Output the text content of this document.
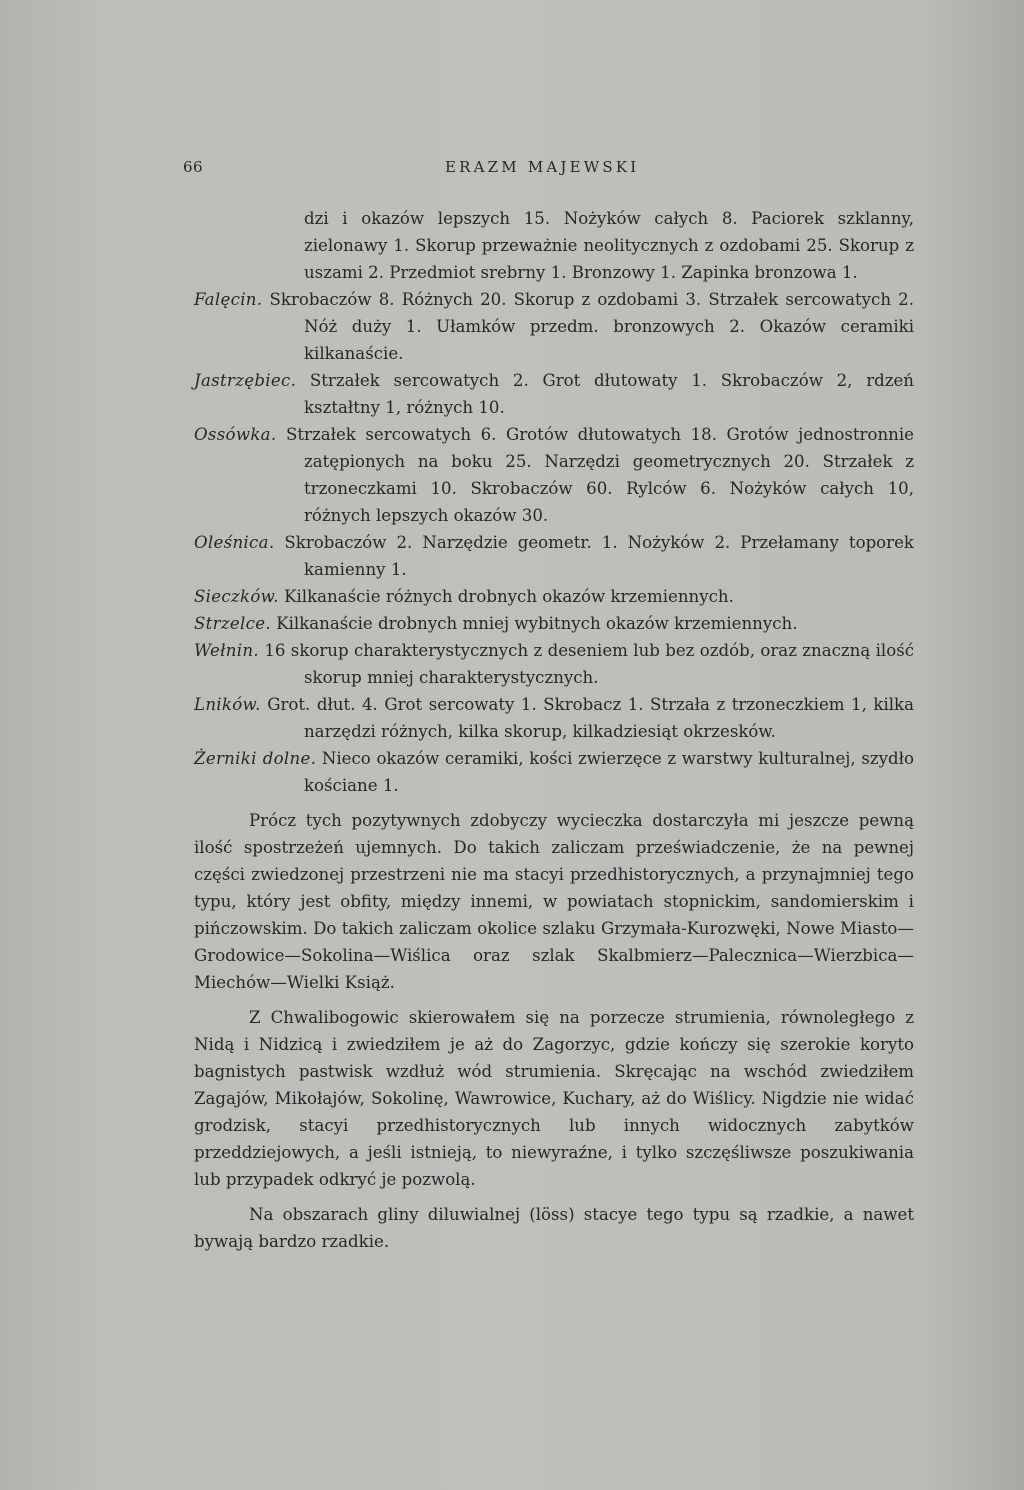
66	ERAZM MAJEWSKI

dzi i okazów lepszych 15. Nożyków całych 8. Paciorek szklanny, zielonawy 1. Skorup przeważnie neolitycznych z ozdobami 25. Skorup z uszami 2. Przedmiot srebrny 1. Bronzowy 1. Zapinka bronzowa 1.

Falęcin. Skrobaczów 8. Różnych 20. Skorup z ozdobami 3. Strzałek sercowatych 2. Nóż duży 1. Ułamków przedm. bronzowych 2. Okazów ceramiki kilkanaście.

Jastrzębiec. Strzałek sercowatych 2. Grot dłutowaty 1. Skrobaczów 2, rdzeń kształtny 1, różnych 10.

Ossówka. Strzałek sercowatych 6. Grotów dłutowatych 18. Grotów jednostronnie zatępionych na boku 25. Narzędzi geometrycznych 20. Strzałek z trzoneczkami 10. Skrobaczów 60. Rylców 6. Nożyków całych 10, różnych lepszych okazów 30.

Oleśnica. Skrobaczów 2. Narzędzie geometr. 1. Nożyków 2. Przełamany toporek kamienny 1.

Sieczków. Kilkanaście różnych drobnych okazów krzemiennych.

Strzelce. Kilkanaście drobnych mniej wybitnych okazów krzemiennych.

Wełnin. 16 skorup charakterystycznych z deseniem lub bez ozdób, oraz znaczną ilość skorup mniej charakterystycznych.

Lników. Grot. dłut. 4. Grot sercowaty 1. Skrobacz 1. Strzała z trzoneczkiem 1, kilka narzędzi różnych, kilka skorup, kilkadziesiąt okrzesków.

Żerniki dolne. Nieco okazów ceramiki, kości zwierzęce z warstwy kulturalnej, szydło kościane 1.

Prócz tych pozytywnych zdobyczy wycieczka dostarczyła mi jeszcze pewną ilość spostrzeżeń ujemnych. Do takich zaliczam przeświadczenie, że na pewnej części zwiedzonej przestrzeni nie ma stacyi przedhistorycznych, a przynajmniej tego typu, który jest obfity, między innemi, w powiatach stopnickim, sandomierskim i pińczowskim. Do takich zaliczam okolice szlaku Grzymała-Kurozwęki, Nowe Miasto—Grodowice—Sokolina—Wiślica oraz szlak Skalbmierz—Palecznica—Wierzbica—Miechów—Wielki Książ.

Z Chwalibogowic skierowałem się na porzecze strumienia, równoległego z Nidą i Nidzicą i zwiedziłem je aż do Zagorzyc, gdzie kończy się szerokie koryto bagnistych pastwisk wzdłuż wód strumienia. Skręcając na wschód zwiedziłem Zagajów, Mikołajów, Sokolinę, Wawrowice, Kuchary, aż do Wiślicy. Nigdzie nie widać grodzisk, stacyi przedhistorycznych lub innych widocznych zabytków przeddziejowych, a jeśli istnieją, to niewyraźne, i tylko szczęśliwsze poszukiwania lub przypadek odkryć je pozwolą.

Na obszarach gliny diluwialnej (löss) stacye tego typu są rzadkie, a nawet bywają bardzo rzadkie.
